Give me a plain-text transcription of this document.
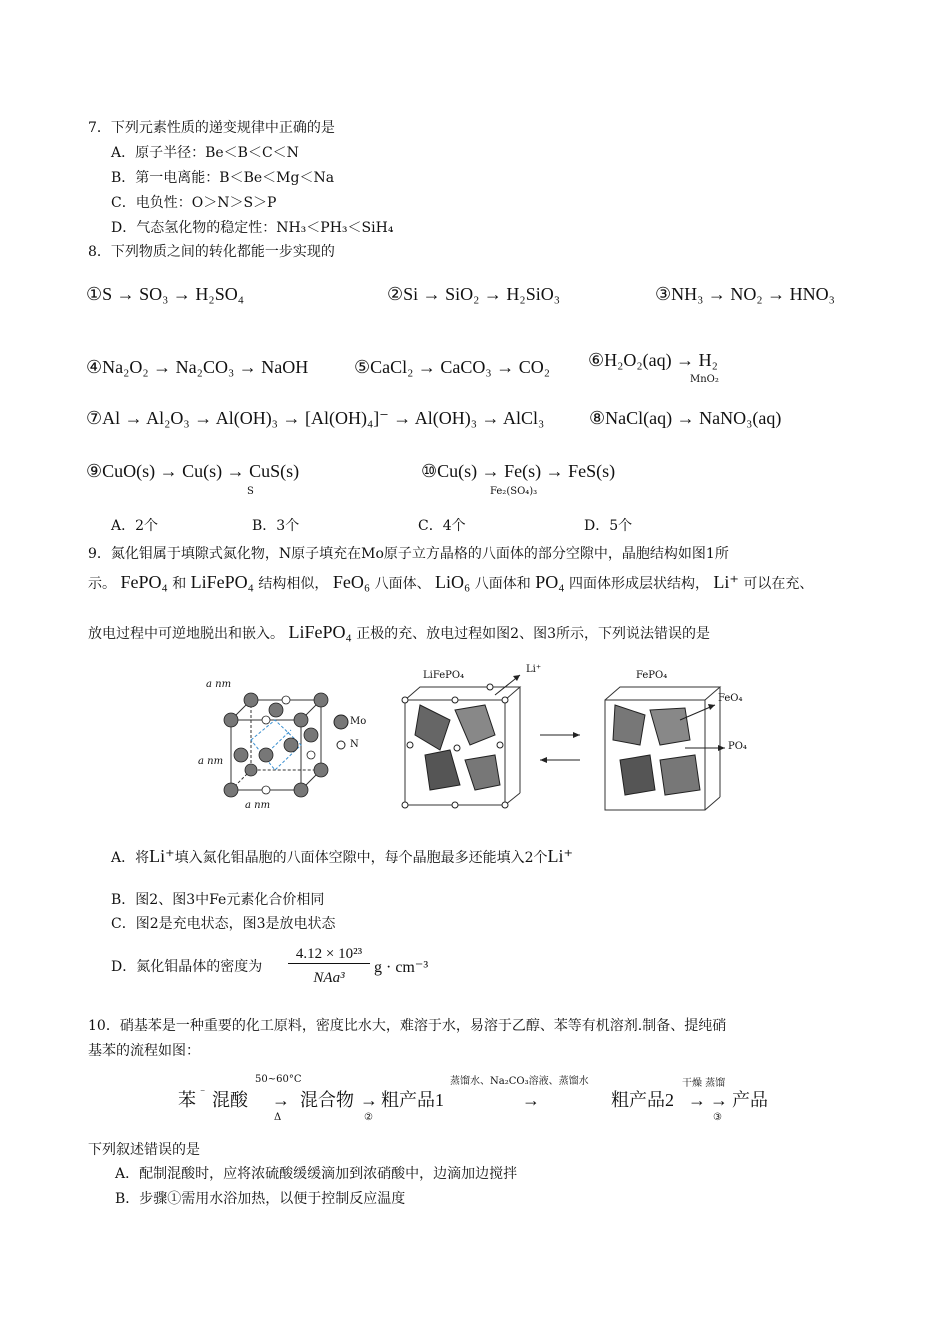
7．下列元素性质的递变规律中正确的是
A．原子半径：Be＜B＜C＜N
B．第一电离能：B＜Be＜Mg＜Na
C．电负性：O＞N＞S＞P
D．气态氢化物的稳定性：NH₃＜PH₃＜SiH₄
8．下列物质之间的转化都能一步实现的
①S → SO₃ → H₂SO₄	②Si → SiO₂ → H₂SiO₃	③NH₃ → NO₂ → HNO₃
④Na₂O₂ → Na₂CO₃ → NaOH	⑤CaCl₂ → CaCO₃ → CO₂ ⑥H₂O₂(aq) → H₂
MnO₂
⑦Al → Al₂O₃ → Al(OH)₃ → [Al(OH)₄]⁻ → Al(OH)₃ → AlCl₃ ⑧NaCl(aq) → NaNO₃(aq)
⑨CuO(s) → Cu(s) → CuS(s)
S
⑩Cu(s) → Fe(s) → FeS(s)
Fe₂(SO₄)₃
A．2个	B．3个	C．4个	D．5个
9．氮化钼属于填隙式氮化物，N原子填充在Mo原子立方晶格的八面体的部分空隙中，晶胞结构如图1所
示。 FePO₄ 和 LiFePO₄ 结构相似， FeO₆ 八面体、 LiO₆ 八面体和 PO₄ 四面体形成层状结构， Li⁺ 可以在充、
放电过程中可逆地脱出和嵌入。 LiFePO₄ 正极的充、放电过程如图2、图3所示，下列说法错误的是
a nm
a nm
a nm
Mo
N
LiFePO₄
Li⁺
FePO₄
FeO₄
PO₄
A．将Li⁺填入氮化钼晶胞的八面体空隙中，每个晶胞最多还能填入2个Li⁺
B．图2、图3中Fe元素化合价相同
C．图2是充电状态，图3是放电状态
D．氮化钼晶体的密度为
4.12 × 10²³
NAa³
g · cm⁻³
10．硝基苯是一种重要的化工原料，密度比水大，难溶于水，易溶于乙醇、苯等有机溶剂.制备、提纯硝
基苯的流程如图：
苯 ⁻ 混酸
50~60°C
→
Δ
混合物 →
②
粗产品1
蒸馏水、Na₂CO₃溶液、蒸馏水
→	粗产品2
干燥 蒸馏
→ →
③
产品
下列叙述错误的是
A．配制混酸时，应将浓硫酸缓缓滴加到浓硝酸中，边滴加边搅拌
B．步骤①需用水浴加热，以便于控制反应温度
